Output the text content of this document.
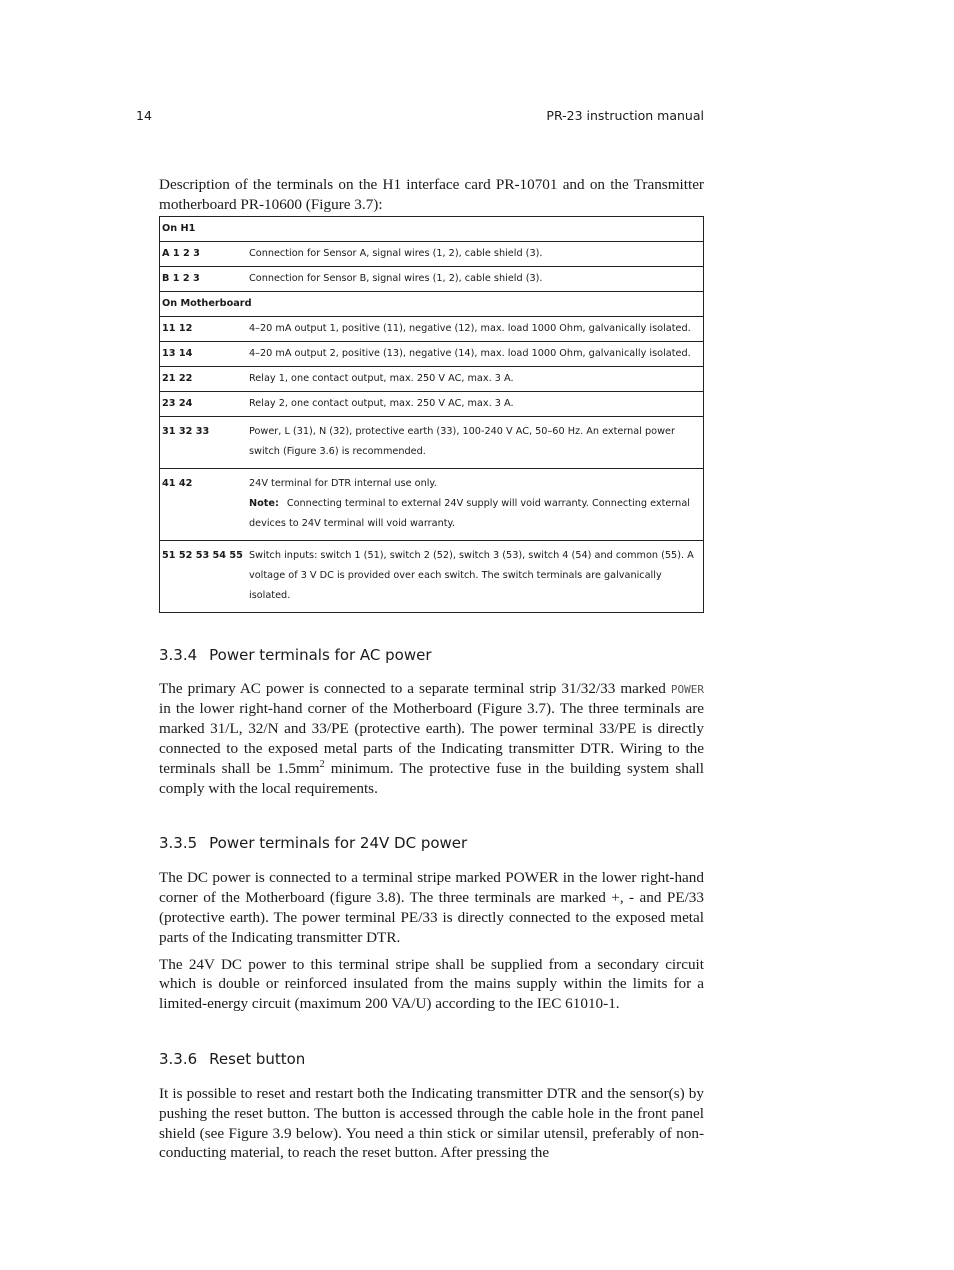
14	PR-23 instruction manual

Description of the terminals on the H1 interface card PR-10701 and on the Transmitter motherboard PR-10600 (Figure 3.7):

On H1	
A 1 2 3	Connection for Sensor A, signal wires (1, 2), cable shield (3).
B 1 2 3	Connection for Sensor B, signal wires (1, 2), cable shield (3).
On Motherboard	
11 12	4–20 mA output 1, positive (11), negative (12), max. load 1000 Ohm, galvanically isolated.
13 14	4–20 mA output 2, positive (13), negative (14), max. load 1000 Ohm, galvanically isolated.
21 22	Relay 1, one contact output, max. 250 V AC, max. 3 A.
23 24	Relay 2, one contact output, max. 250 V AC, max. 3 A.
31 32 33	Power, L (31), N (32), protective earth (33), 100-240 V AC, 50–60 Hz. An external power switch (Figure 3.6) is recommended.
41 42	24V terminal for DTR internal use only.
Note: Connecting terminal to external 24V supply will void warranty. Connecting external devices to 24V terminal will void warranty.

51 52 53 54 55	Switch inputs: switch 1 (51), switch 2 (52), switch 3 (53), switch 4 (54) and common (55). A voltage of 3 V DC is provided over each switch. The switch terminals are galvanically isolated.
3.3.4 Power terminals for AC power

The primary AC power is connected to a separate terminal strip 31/32/33 marked POWER in the lower right-hand corner of the Motherboard (Figure 3.7). The three terminals are marked 31/L, 32/N and 33/PE (protective earth). The power terminal 33/PE is directly connected to the exposed metal parts of the Indicating transmitter DTR. Wiring to the terminals shall be $1.5mm^2$ minimum. The protective fuse in the building system shall comply with the local requirements.

3.3.5 Power terminals for 24V DC power

The DC power is connected to a terminal stripe marked POWER in the lower right-hand corner of the Motherboard (figure 3.8). The three terminals are marked +, - and PE/33 (protective earth). The power terminal PE/33 is directly connected to the exposed metal parts of the Indicating transmitter DTR.

The 24V DC power to this terminal stripe shall be supplied from a secondary circuit which is double or reinforced insulated from the mains supply within the limits for a limited-energy circuit (maximum 200 VA/U) according to the IEC 61010-1.

3.3.6 Reset button

It is possible to reset and restart both the Indicating transmitter DTR and the sensor(s) by pushing the reset button. The button is accessed through the cable hole in the front panel shield (see Figure 3.9 below). You need a thin stick or similar utensil, preferably of non-conducting material, to reach the reset button. After pressing the
